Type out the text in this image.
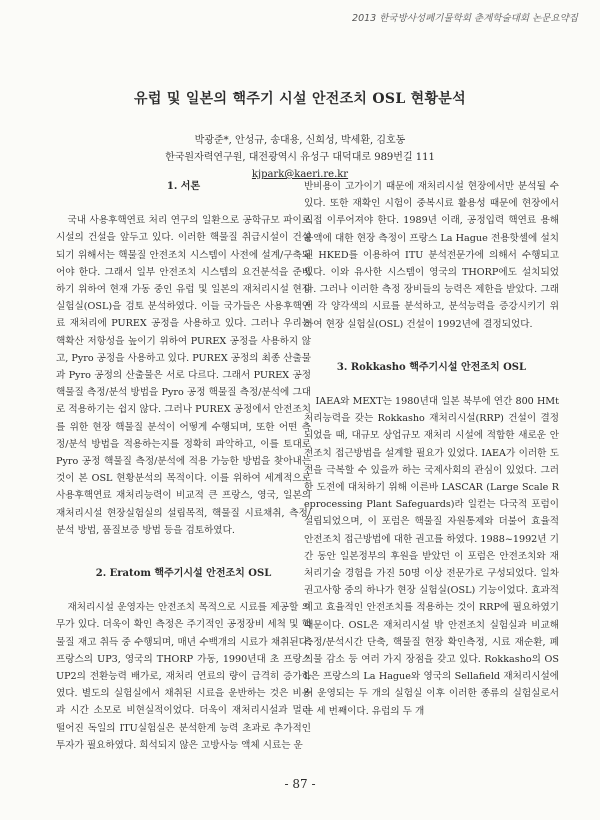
2013 한국방사성폐기물학회 춘계학술대회 논문요약집
유럽 및 일본의 핵주기 시설 안전조치 OSL 현황분석
박광준*, 안성규, 송대용, 신희성, 박세환, 김호동
한국원자력연구원, 대전광역시 유성구 대덕대로 989번길 111
kjpark@kaeri.re.kr
1. 서론

국내 사용후핵연료 처리 연구의 일환으로 공학규모 파이로 시설의 건설을 앞두고 있다. 이러한 핵물질 취급시설이 건설되기 위해서는 핵물질 안전조치 시스템이 사전에 설계/구축되어야 한다. 그래서 일부 안전조치 시스템의 요건분석을 준비하기 위하여 현재 가동 중인 유럽 및 일본의 재처리시설 현장 실험실(OSL)을 검토 분석하였다. 이들 국가들은 사용후핵연료 재처리에 PUREX 공정을 사용하고 있다. 그러나 우리는 핵확산 저항성을 높이기 위하여 PUREX 공정을 사용하지 않고, Pyro 공정을 사용하고 있다. PUREX 공정의 최종 산출물과 Pyro 공정의 산출물은 서로 다르다. 그래서 PUREX 공정 핵물질 측정/분석 방법을 Pyro 공정 핵물질 측정/분석에 그대로 적용하기는 쉽지 않다. 그러나 PUREX 공정에서 안전조치를 위한 현장 핵물질 분석이 어떻게 수행되며, 또한 어떤 측정/분석 방법을 적용하는지를 정확히 파악하고, 이를 토대로 Pyro 공정 핵물질 측정/분석에 적용 가능한 방법을 찾아내는 것이 본 OSL 현황분석의 목적이다. 이를 위하여 세계적으로 사용후핵연료 재처리능력이 비교적 큰 프랑스, 영국, 일본의 재처리시설 현장실험실의 설립목적, 핵물질 시료채취, 측정/분석 방법, 품질보증 방법 등을 검토하였다.

2. Eratom 핵주기시설 안전조치 OSL

재처리시설 운영자는 안전조치 목적으로 시료를 제공할 의무가 있다. 더욱이 확인 측정은 주기적인 공정장비 세척 및 핵물질 재고 취득 중 수행되며, 매년 수백개의 시료가 채취된다. 프랑스의 UP3, 영국의 THORP 가동, 1990년대 초 프랑스 UP2의 전환능력 배가로, 재처리 연료의 량이 급격히 증가하였다. 별도의 실험실에서 채취된 시료을 운반하는 것은 비용과 시간 소모로 비현실적이었다. 더욱이 재처리시설과 멀리 떨어진 독일의 ITU실험실은 분석한계 능력 초과로 추가적인 투자가 필요하였다. 희석되지 않은 고방사능 액체 시료는 운

반비용이 고가이기 때문에 재처리시설 현장에서만 분석될 수 있다. 또한 재확인 시험이 중복시료 활용성 때문에 현장에서 직접 이루어져야 한다. 1989년 이래, 공정입력 핵연료 용해 용액에 대한 현장 측정이 프랑스 La Hague 전용핫셀에 설치된 HKED를 이용하여 ITU 분석전문가에 의해서 수행되고 있다. 이와 유사한 시스템이 영국의 THORP에도 설치되었다. 그러나 이러한 측정 장비들의 능력은 제한을 받았다. 그래서 각 양각색의 시료를 분석하고, 분석능력을 증강시키기 위하여 현장 실험실(OSL) 건설이 1992년에 결정되었다.

3. Rokkasho 핵주기시설 안전조치 OSL

IAEA와 MEXT는 1980년대 일본 북부에 연간 800 HMt 처리능력을 갖는 Rokkasho 재처리시설(RRP) 건설이 결정되었을 때, 대규모 상업규모 재처리 시설에 적합한 새로운 안전조치 접근방법을 설계할 필요가 있었다. IAEA가 이러한 도전을 극복할 수 있을까 하는 국제사회의 관심이 있었다. 그러한 도전에 대처하기 위해 이른바 LASCAR (Large Scale Reprocessing Plant Safeguards)라 일컫는 다국적 포럼이 설립되었으며, 이 포럼은 핵물질 자원통제와 더불어 효율적 안전조치 접근방법에 대한 권고를 하였다. 1988~1992년 기간 동안 일본정부의 후원을 받았던 이 포럼은 안전조치와 재처리기술 경험을 가진 50명 이상 전문가로 구성되었다. 일차 권고사항 중의 하나가 현장 실험실(OSL) 기능이었다. 효과적이고 효율적인 안전조치를 적용하는 것이 RRP에 필요하였기 때문이다. OSL은 재처리시설 밖 안전조치 실험실과 비교해 측정/분석시간 단축, 핵물질 현장 확인측정, 시료 재순환, 폐기물 감소 등 여러 가지 장점을 갖고 있다. Rokkasho의 OSL은 프랑스의 La Hague와 영국의 Sellafield 재처리시설에서 운영되는 두 개의 실험실 이후 이러한 종류의 실험실로서는 세 번째이다. 유럽의 두 개

- 87 -
